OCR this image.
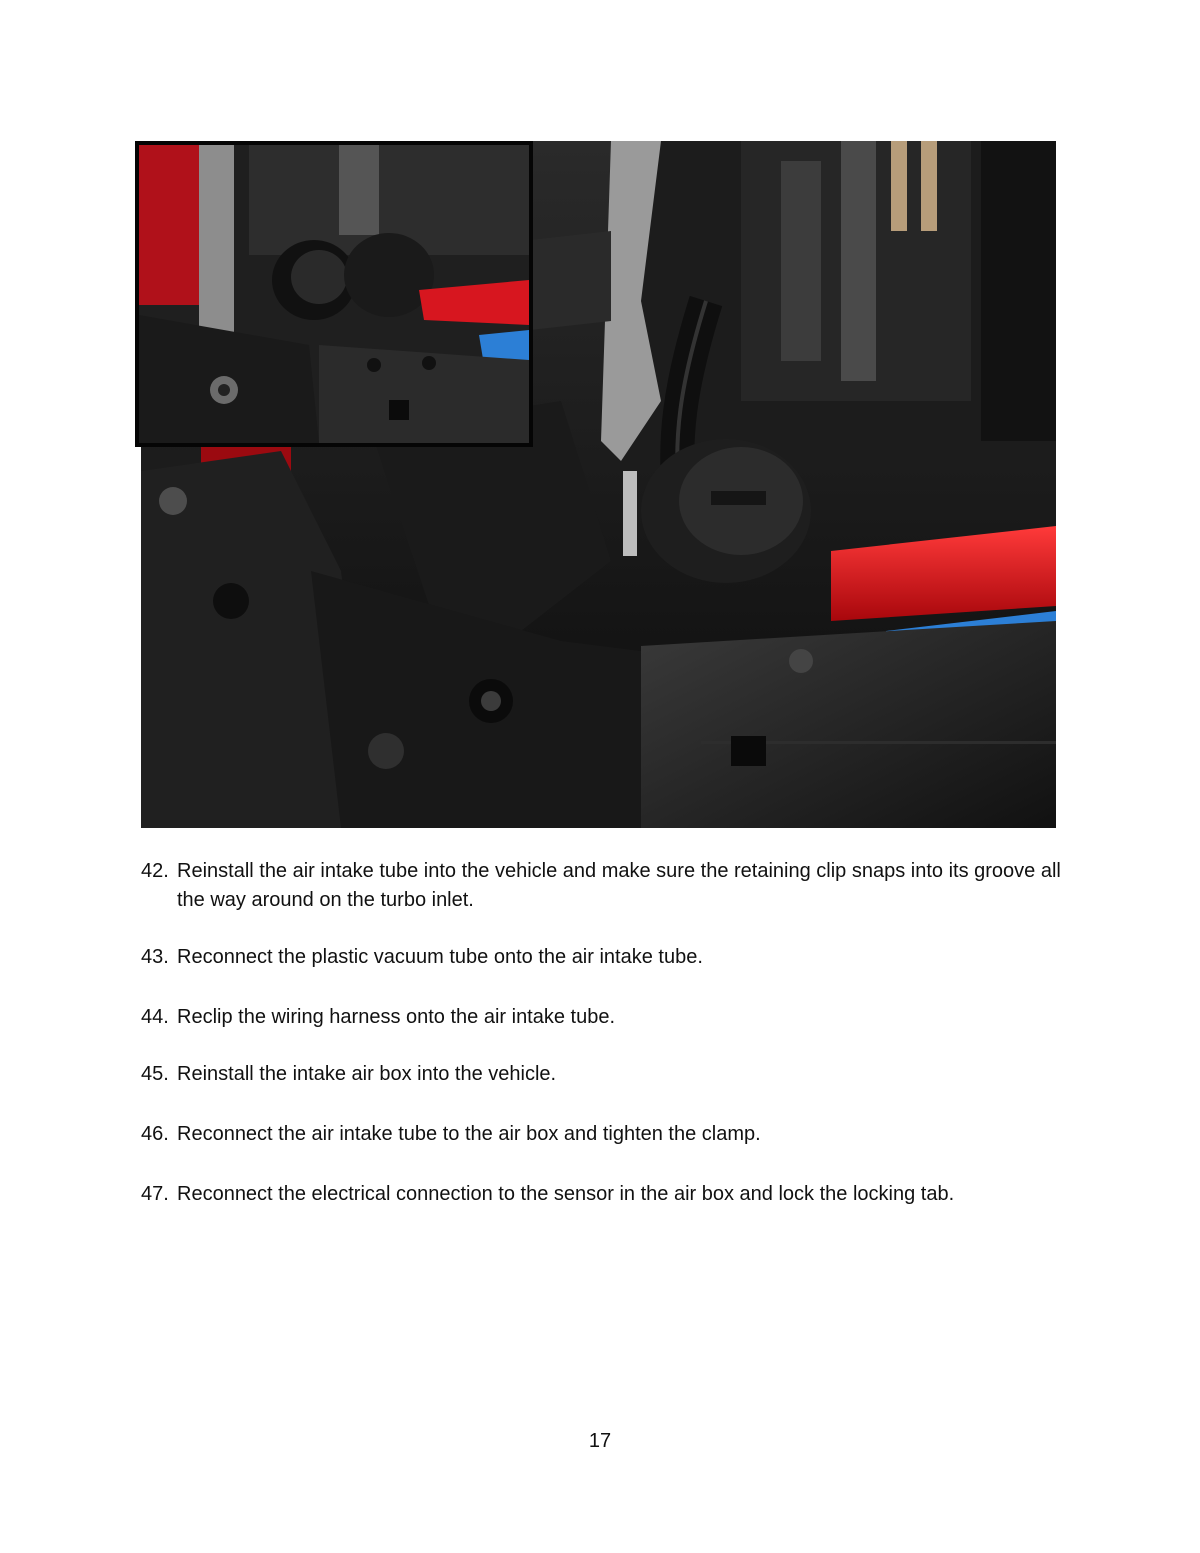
42. Reinstall the air intake tube into the vehicle and make sure the retaining clip snaps into its groove all the way around on the turbo inlet.
43. Reconnect the plastic vacuum tube onto the air intake tube.
44. Reclip the wiring harness onto the air intake tube.
45. Reinstall the intake air box into the vehicle.
46. Reconnect the air intake tube to the air box and tighten the clamp.
47. Reconnect the electrical connection to the sensor in the air box and lock the locking tab.
17
